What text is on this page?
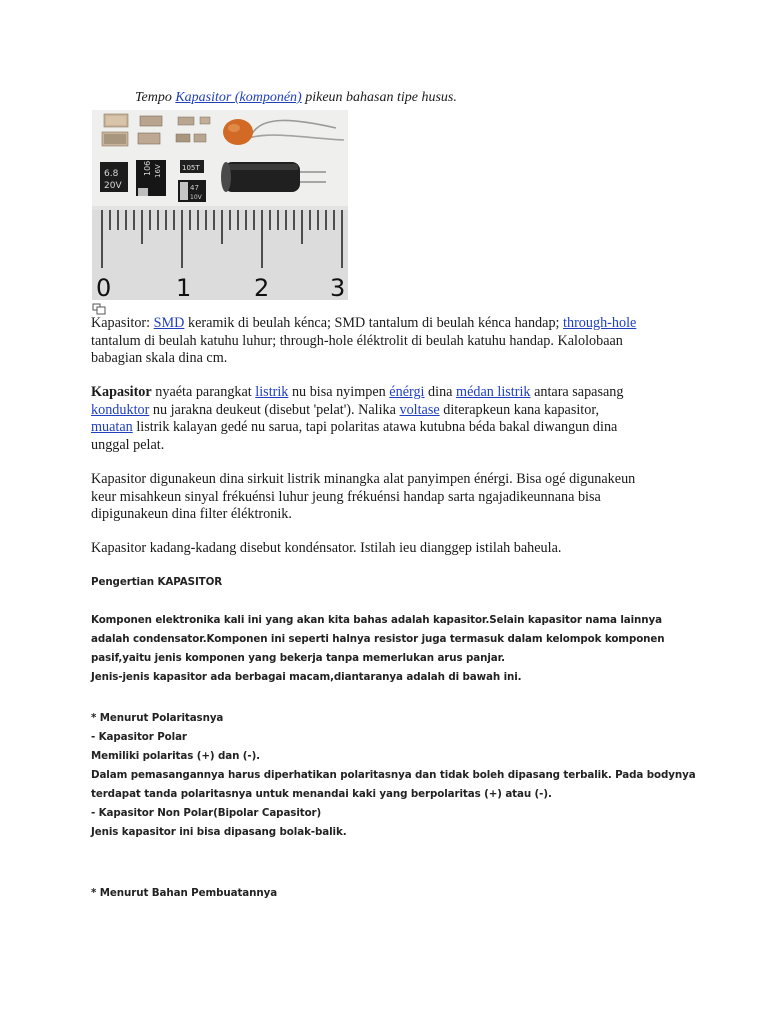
Tempo Kapasitor (komponén) pikeun bahasan tipe husus.
6.8
20V
106 16V	105T
47
10V
0	1	2	3
Kapasitor: SMD keramik di beulah kénca; SMD tantalum di beulah kénca handap; through-hole
tantalum di beulah katuhu luhur; through-hole éléktrolit di beulah katuhu handap. Kalolobaan
babagian skala dina cm.
Kapasitor nyaéta parangkat listrik nu bisa nyimpen énérgi dina médan listrik antara sapasang
konduktor nu jarakna deukeut (disebut 'pelat'). Nalika voltase diterapkeun kana kapasitor,
muatan listrik kalayan gedé nu sarua, tapi polaritas atawa kutubna béda bakal diwangun dina
unggal pelat.
Kapasitor digunakeun dina sirkuit listrik minangka alat panyimpen énérgi. Bisa ogé digunakeun
keur misahkeun sinyal frékuénsi luhur jeung frékuénsi handap sarta ngajadikeunnana bisa
dipigunakeun dina filter éléktronik.
Kapasitor kadang-kadang disebut kondénsator. Istilah ieu dianggep istilah baheula.
Pengertian KAPASITOR
Komponen elektronika kali ini yang akan kita bahas adalah kapasitor.Selain kapasitor nama lainnya
adalah condensator.Komponen ini seperti halnya resistor juga termasuk dalam kelompok komponen
pasif,yaitu jenis komponen yang bekerja tanpa memerlukan arus panjar.
Jenis-jenis kapasitor ada berbagai macam,diantaranya adalah di bawah ini.
* Menurut Polaritasnya
- Kapasitor Polar
Memiliki polaritas (+) dan (-).
Dalam pemasangannya harus diperhatikan polaritasnya dan tidak boleh dipasang terbalik. Pada bodynya
terdapat tanda polaritasnya untuk menandai kaki yang berpolaritas (+) atau (-).
- Kapasitor Non Polar(Bipolar Capasitor)
Jenis kapasitor ini bisa dipasang bolak-balik.
* Menurut Bahan Pembuatannya
